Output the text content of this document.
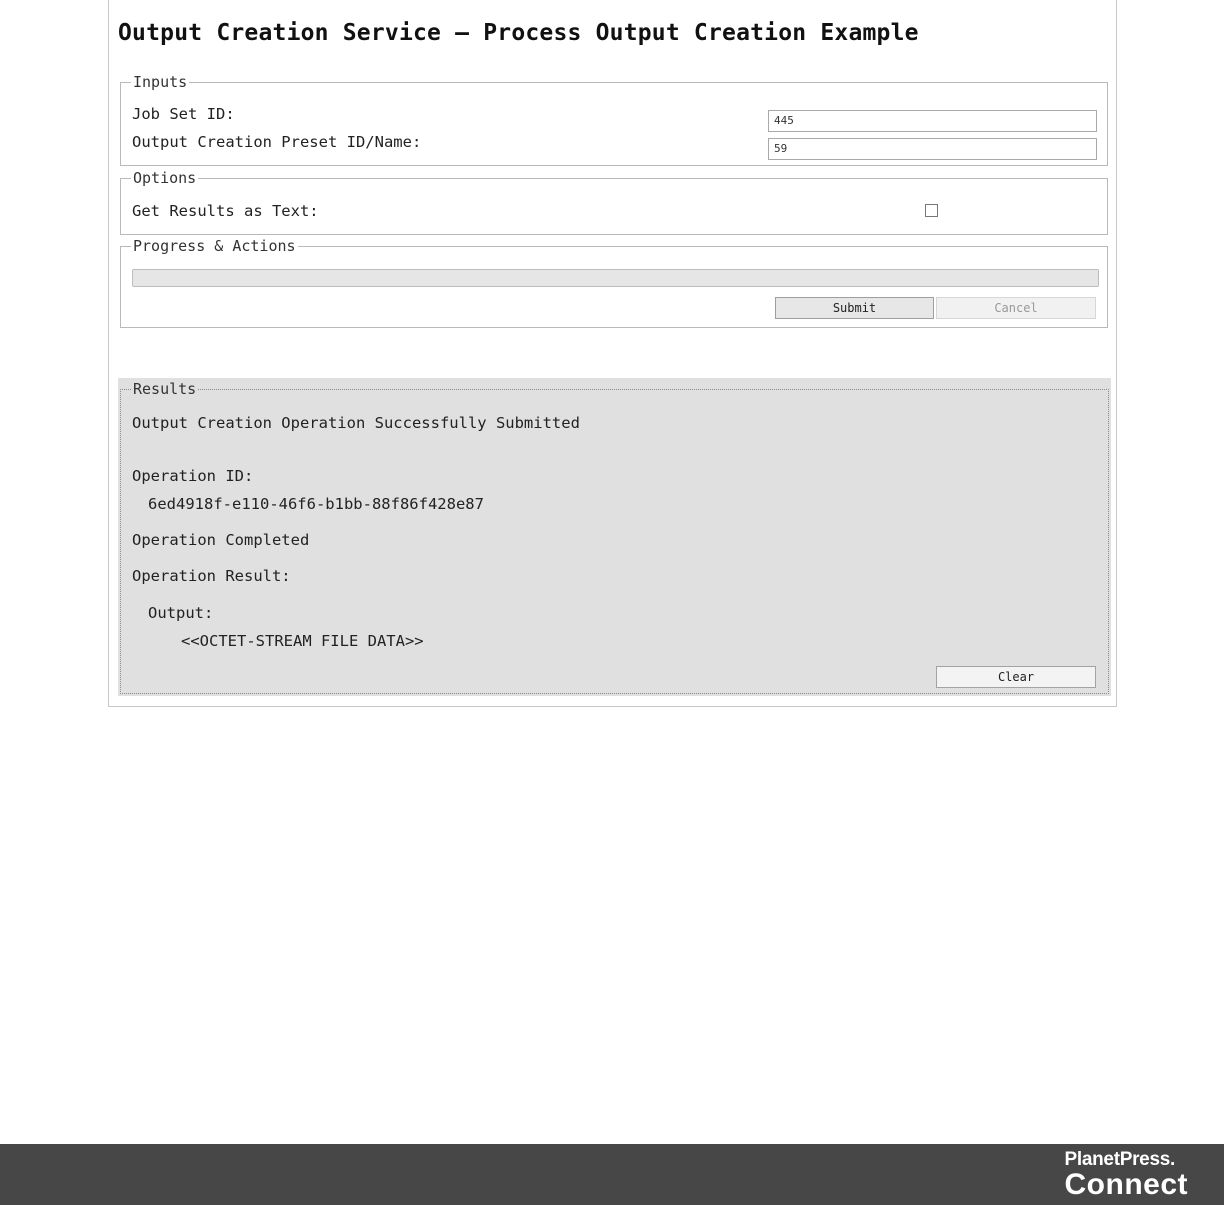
Output Creation Service – Process Output Creation Example
Inputs
Job Set ID:	445
Output Creation Preset ID/Name:	59
Options
Get Results as Text:
Progress & Actions
Submit	Cancel
Results
Output Creation Operation Successfully Submitted
Operation ID:
6ed4918f-e110-46f6-b1bb-88f86f428e87
Operation Completed
Operation Result:
Output:
<<OCTET-STREAM FILE DATA>>
Clear
PlanetPress.
Connect
